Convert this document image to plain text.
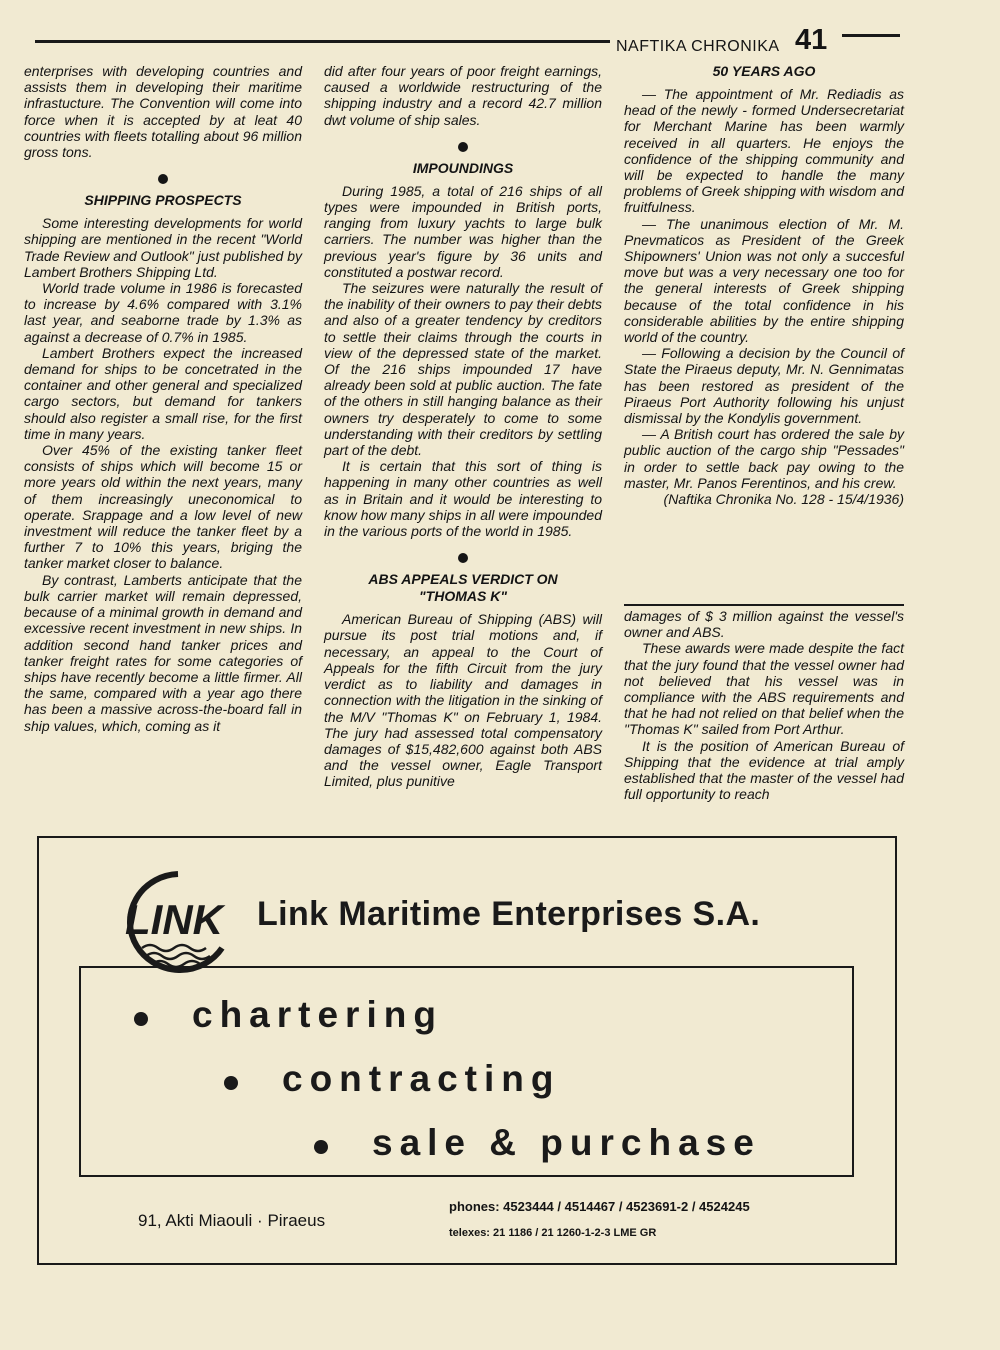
NAFTIKA CHRONIKA 41

enterprises with developing countries and assists them in developing their maritime infrastucture. The Convention will come into force when it is accepted by at leat 40 countries with fleets totalling about 96 million gross tons.

SHIPPING PROSPECTS

Some interesting developments for world shipping are mentioned in the recent "World Trade Review and Outlook" just published by Lambert Brothers Shipping Ltd.

World trade volume in 1986 is forecasted to increase by 4.6% compared with 3.1% last year, and seaborne trade by 1.3% as against a decrease of 0.7% in 1985.

Lambert Brothers expect the increased demand for ships to be concetrated in the container and other general and specialized cargo sectors, but demand for tankers should also register a small rise, for the first time in many years.

Over 45% of the existing tanker fleet consists of ships which will become 15 or more years old within the next years, many of them increasingly uneconomical to operate. Srappage and a low level of new investment will reduce the tanker fleet by a further 7 to 10% this years, briging the tanker market closer to balance.

By contrast, Lamberts anticipate that the bulk carrier market will remain depressed, because of a minimal growth in demand and excessive recent investment in new ships. In addition second hand tanker prices and tanker freight rates for some categories of ships have recently become a little firmer. All the same, compared with a year ago there has been a massive across-the-board fall in ship values, which, coming as it

did after four years of poor freight earnings, caused a worldwide restructuring of the shipping industry and a record 42.7 million dwt volume of ship sales.

IMPOUNDINGS

During 1985, a total of 216 ships of all types were impounded in British ports, ranging from luxury yachts to large bulk carriers. The number was higher than the previous year's figure by 36 units and constituted a postwar record.

The seizures were naturally the result of the inability of their owners to pay their debts and also of a greater tendency by creditors to settle their claims through the courts in view of the depressed state of the market. Of the 216 ships impounded 17 have already been sold at public auction. The fate of the others in still hanging balance as their owners try desperately to come to some understanding with their creditors by settling part of the debt.

It is certain that this sort of thing is happening in many other countries as well as in Britain and it would be interesting to know how many ships in all were impounded in the various ports of the world in 1985.

ABS APPEALS VERDICT ON
"THOMAS K"

American Bureau of Shipping (ABS) will pursue its post trial motions and, if necessary, an appeal to the Court of Appeals for the fifth Circuit from the jury verdict as to liability and damages in connection with the litigation in the sinking of the M/V "Thomas K" on February 1, 1984. The jury had assessed total compensatory damages of $15,482,600 against both ABS and the vessel owner, Eagle Transport Limited, plus punitive

50 YEARS AGO

— The appointment of Mr. Rediadis as head of the newly - formed Undersecretariat for Merchant Marine has been warmly received in all quarters. He enjoys the confidence of the shipping community and will be expected to handle the many problems of Greek shipping with wisdom and fruitfulness.

— The unanimous election of Mr. M. Pnevmaticos as President of the Greek Shipowners' Union was not only a succesful move but was a very necessary one too for the general interests of Greek shipping because of the total confidence in his considerable abilities by the entire shipping world of the country.

— Following a decision by the Council of State the Piraeus deputy, Mr. N. Gennimatas has been restored as president of the Piraeus Port Authority following his unjust dismissal by the Kondylis government.

— A British court has ordered the sale by public auction of the cargo ship "Pessades" in order to settle back pay owing to the master, Mr. Panos Ferentinos, and his crew.

(Naftika Chronika No. 128 - 15/4/1936)

damages of $ 3 million against the vessel's owner and ABS.

These awards were made despite the fact that the jury found that the vessel owner had not believed that his vessel was in compliance with the ABS requirements and that he had not relied on that belief when the "Thomas K" sailed from Port Arthur.

It is the position of American Bureau of Shipping that the evidence at trial amply established that the master of the vessel had full opportunity to reach

LINK Link Maritime Enterprises S.A.
chartering
contracting
sale & purchase
91, Akti Miaouli · Piraeus
phones: 4523444 / 4514467 / 4523691-2 / 4524245
telexes: 21 1186 / 21 1260-1-2-3 LME GR
